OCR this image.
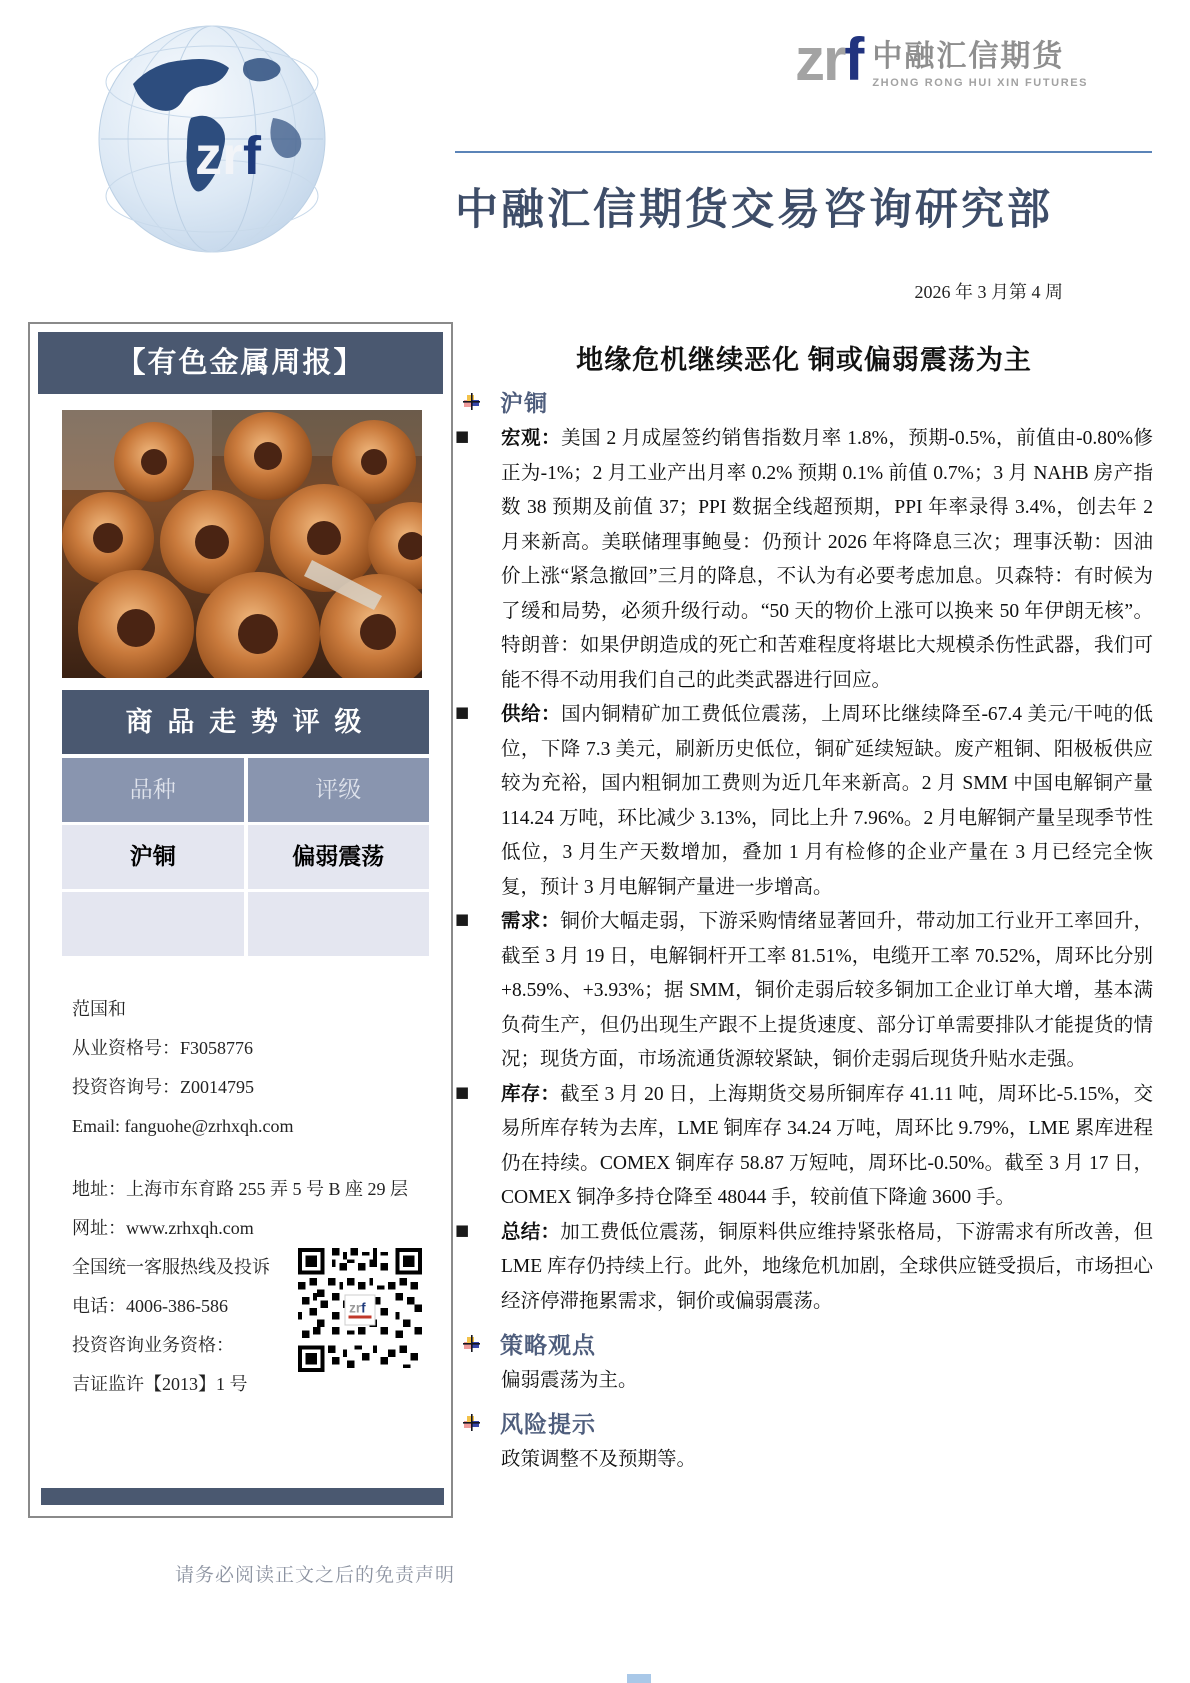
zrf
zrf 中融汇信期货
ZHONG RONG HUI XIN FUTURES
中融汇信期货交易咨询研究部
2026 年 3 月第 4 周
【有色金属周报】
商 品 走 势 评 级
品种	评级
沪铜	偏弱震荡
范国和
从业资格号：F3058776
投资咨询号：Z0014795
Email: fanguohe@zrhxqh.com
地址：上海市东育路 255 弄 5 号 B 座 29 层
网址：www.zrhxqh.com
全国统一客服热线及投诉
电话：4006-386-586
投资咨询业务资格：
吉证监许【2013】1 号
zrf
地缘危机继续恶化 铜或偏弱震荡为主
沪铜
■	宏观：美国 2 月成屋签约销售指数月率 1.8%，预期-0.5%，前值由-0.80%修正为-1%；2 月工业产出月率 0.2% 预期 0.1% 前值 0.7%；3 月 NAHB 房产指数 38 预期及前值 37；PPI 数据全线超预期，PPI 年率录得 3.4%，创去年 2 月来新高。美联储理事鲍曼：仍预计 2026 年将降息三次；理事沃勒：因油价上涨“紧急撤回”三月的降息，不认为有必要考虑加息。贝森特：有时候为了缓和局势，必须升级行动。“50 天的物价上涨可以换来 50 年伊朗无核”。特朗普：如果伊朗造成的死亡和苦难程度将堪比大规模杀伤性武器，我们可能不得不动用我们自己的此类武器进行回应。

■	供给：国内铜精矿加工费低位震荡，上周环比继续降至-67.4 美元/干吨的低位，下降 7.3 美元，刷新历史低位，铜矿延续短缺。废产粗铜、阳极板供应较为充裕，国内粗铜加工费则为近几年来新高。2 月 SMM 中国电解铜产量 114.24 万吨，环比减少 3.13%，同比上升 7.96%。2 月电解铜产量呈现季节性低位，3 月生产天数增加，叠加 1 月有检修的企业产量在 3 月已经完全恢复，预计 3 月电解铜产量进一步增高。

■	需求：铜价大幅走弱，下游采购情绪显著回升，带动加工行业开工率回升，截至 3 月 19 日，电解铜杆开工率 81.51%，电缆开工率 70.52%，周环比分别+8.59%、+3.93%；据 SMM，铜价走弱后较多铜加工企业订单大增，基本满负荷生产，但仍出现生产跟不上提货速度、部分订单需要排队才能提货的情况；现货方面，市场流通货源较紧缺，铜价走弱后现货升贴水走强。

■	库存：截至 3 月 20 日，上海期货交易所铜库存 41.11 吨，周环比-5.15%，交易所库存转为去库，LME 铜库存 34.24 万吨，周环比 9.79%，LME 累库进程仍在持续。COMEX 铜库存 58.87 万短吨，周环比-0.50%。截至 3 月 17 日，COMEX 铜净多持仓降至 48044 手，较前值下降逾 3600 手。

■	总结：加工费低位震荡，铜原料供应维持紧张格局，下游需求有所改善，但 LME 库存仍持续上行。此外，地缘危机加剧，全球供应链受损后，市场担心经济停滞拖累需求，铜价或偏弱震荡。

策略观点

偏弱震荡为主。

风险提示

政策调整不及预期等。

请务必阅读正文之后的免责声明
